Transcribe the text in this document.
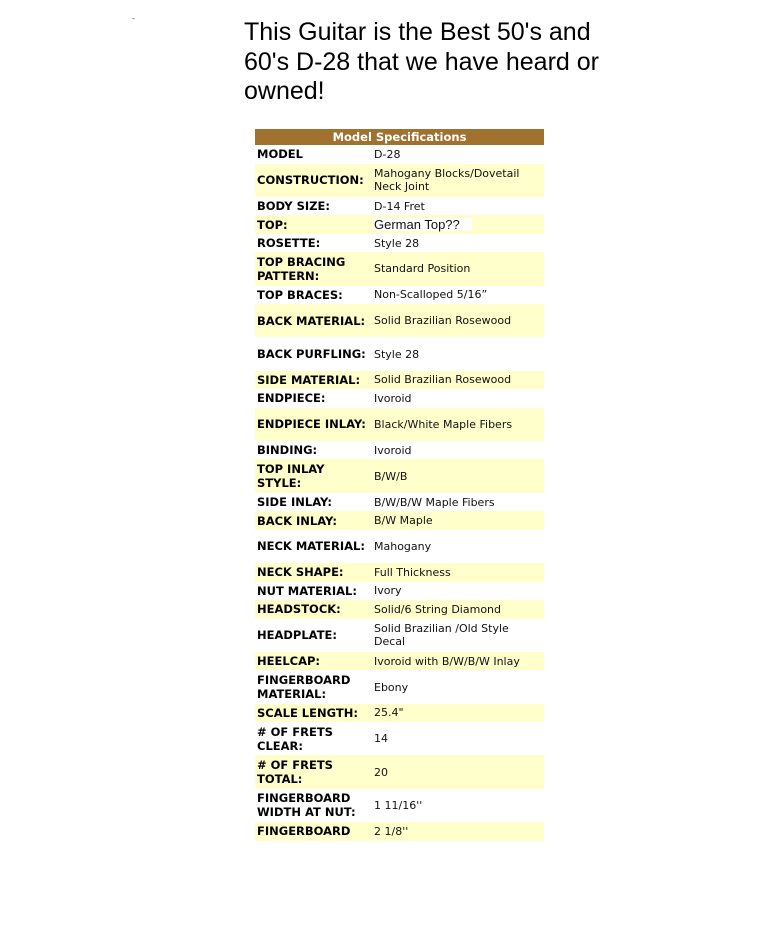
-	This Guitar is the Best 50's and 60's D-28 that we have heard or owned!
Model Specifications	
MODEL	D-28
CONSTRUCTION:	Mahogany Blocks/Dovetail Neck Joint
BODY SIZE:	D-14 Fret
TOP:	German Top??
ROSETTE:	Style 28
TOP BRACING PATTERN:	Standard Position
TOP BRACES:	Non-Scalloped 5/16”
BACK MATERIAL:	Solid Brazilian Rosewood
BACK PURFLING:	Style 28
SIDE MATERIAL:	Solid Brazilian Rosewood
ENDPIECE:	Ivoroid
ENDPIECE INLAY:	Black/White Maple Fibers
BINDING:	Ivoroid
TOP INLAY STYLE:	B/W/B
SIDE INLAY:	B/W/B/W Maple Fibers
BACK INLAY:	B/W Maple
NECK MATERIAL:	Mahogany
NECK SHAPE:	Full Thickness
NUT MATERIAL:	Ivory
HEADSTOCK:	Solid/6 String Diamond
HEADPLATE:	Solid Brazilian /Old Style Decal
HEELCAP:	Ivoroid with B/W/B/W Inlay
FINGERBOARD MATERIAL:	Ebony
SCALE LENGTH:	25.4"
# OF FRETS CLEAR:	14
# OF FRETS TOTAL:	20
FINGERBOARD WIDTH AT NUT:	1 11/16''
FINGERBOARD	2 1/8''
